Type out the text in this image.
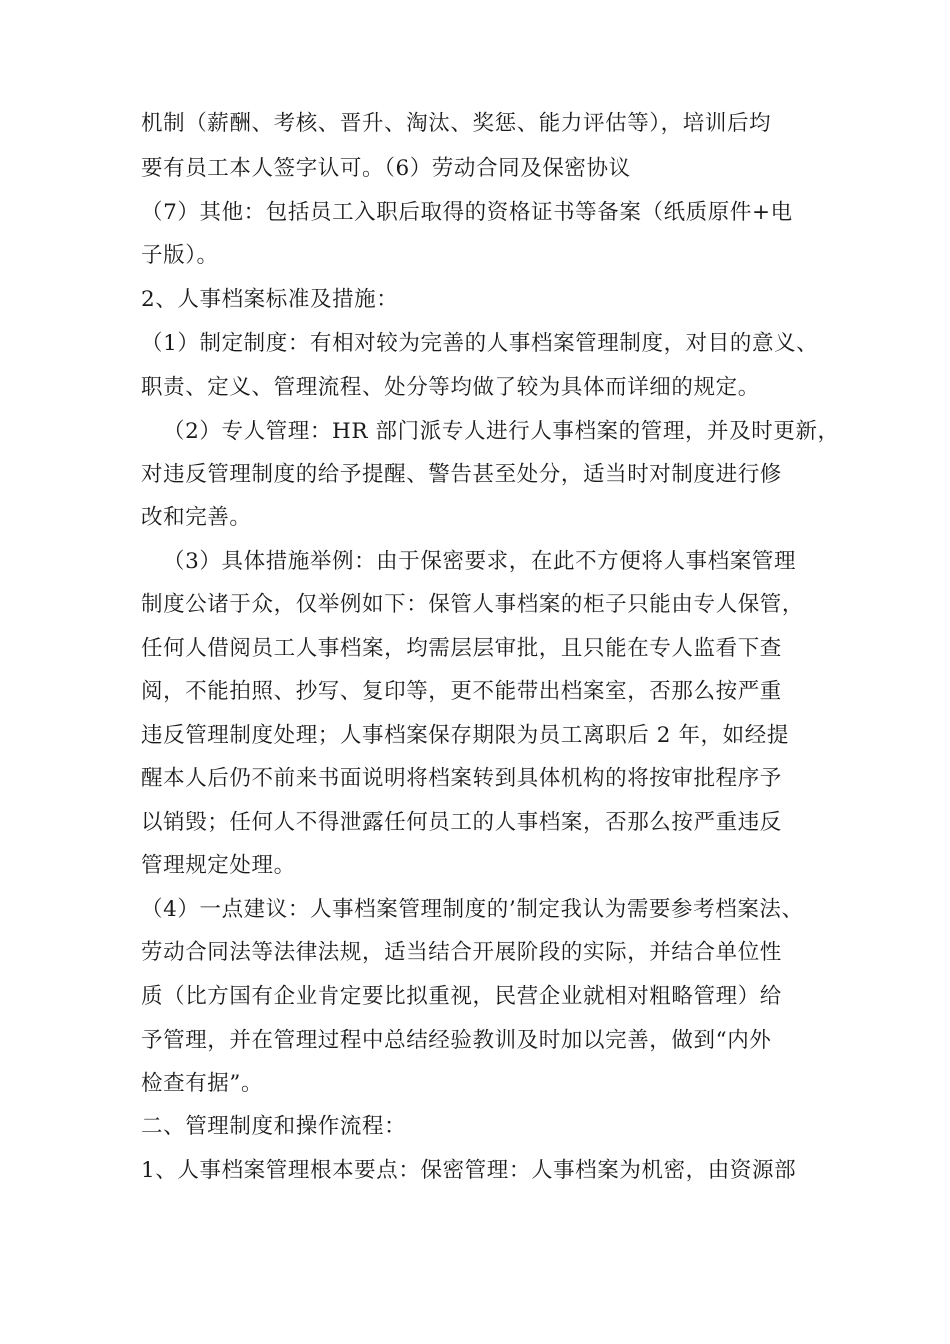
机制（薪酬、考核、晋升、淘汰、奖惩、能力评估等），培训后均
要有员工本人签字认可。（6）劳动合同及保密协议
（7）其他：包括员工入职后取得的资格证书等备案（纸质原件+电
子版）。
2、人事档案标准及措施：
（1）制定制度：有相对较为完善的人事档案管理制度，对目的意义、
职责、定义、管理流程、处分等均做了较为具体而详细的规定。
（2）专人管理：HR 部门派专人进行人事档案的管理，并及时更新，
对违反管理制度的给予提醒、警告甚至处分，适当时对制度进行修
改和完善。
（3）具体措施举例：由于保密要求，在此不方便将人事档案管理
制度公诸于众，仅举例如下：保管人事档案的柜子只能由专人保管，
任何人借阅员工人事档案，均需层层审批，且只能在专人监看下查
阅，不能拍照、抄写、复印等，更不能带出档案室，否那么按严重
违反管理制度处理；人事档案保存期限为员工离职后 2 年，如经提
醒本人后仍不前来书面说明将档案转到具体机构的将按审批程序予
以销毁；任何人不得泄露任何员工的人事档案，否那么按严重违反
管理规定处理。
（4）一点建议：人事档案管理制度的’制定我认为需要参考档案法、
劳动合同法等法律法规，适当结合开展阶段的实际，并结合单位性
质（比方国有企业肯定要比拟重视，民营企业就相对粗略管理）给
予管理，并在管理过程中总结经验教训及时加以完善，做到“内外
检查有据”。
二、管理制度和操作流程：
1、人事档案管理根本要点：保密管理：人事档案为机密，由资源部
